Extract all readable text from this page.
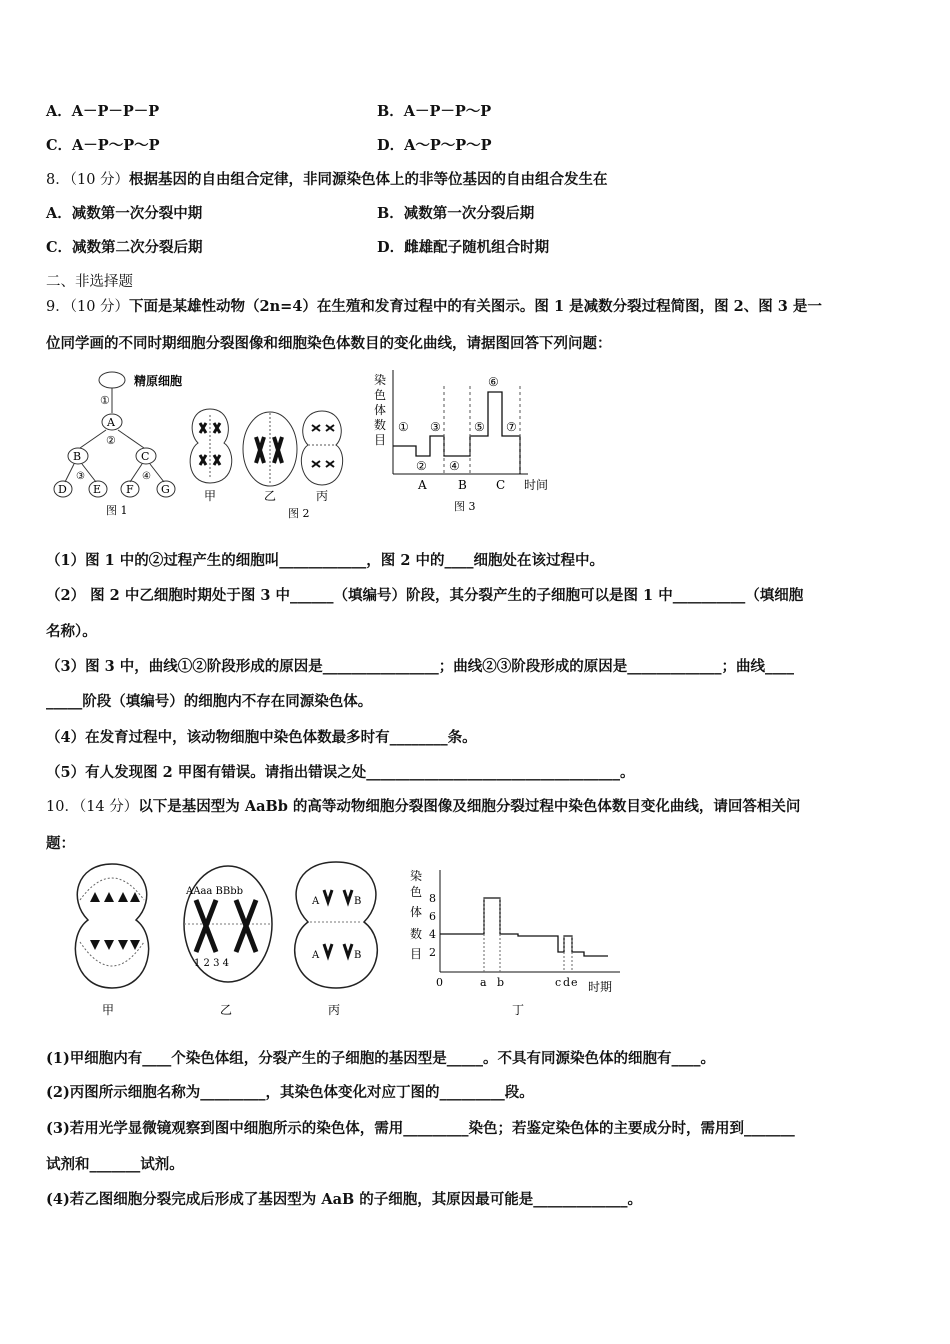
A．A－P－P－P	B．A－P－P～P
C．A－P～P～P	D．A～P～P～P
8．（10 分）根据基因的自由组合定律，非同源染色体上的非等位基因的自由组合发生在
A．减数第一次分裂中期	B．减数第一次分裂后期
C．减数第二次分裂后期	D．雌雄配子随机组合时期
二、非选择题
9．（10 分）下面是某雄性动物（2n=4）在生殖和发育过程中的有关图示。图 1 是减数分裂过程简图，图 2、图 3 是一
位同学画的不同时期细胞分裂图像和细胞染色体数目的变化曲线，请据图回答下列问题：
精原细胞
①
A
②
B	C
③	④
D E F G
图 1
甲	乙	丙
图 2
染
色
体
数
目
①
②
③
④
⑤
⑥
⑦
A	B C 时间
图 3
（1）图 1 中的②过程产生的细胞叫____________，图 2 中的____细胞处在该过程中。
（2） 图 2 中乙细胞时期处于图 3 中______（填编号）阶段，其分裂产生的子细胞可以是图 1 中__________（填细胞
名称）。
（3）图 3 中，曲线①②阶段形成的原因是________________；曲线②③阶段形成的原因是_____________；曲线____
_____阶段（填编号）的细胞内不存在同源染色体。
（4）在发育过程中，该动物细胞中染色体数最多时有________条。
（5）有人发现图 2 甲图有错误。请指出错误之处___________________________________。
10．（14 分）以下是基因型为 AaBb 的高等动物细胞分裂图像及细胞分裂过程中染色体数目变化曲线，请回答相关问
题：
甲
AAaa BBbb
1 2 3 4
乙
A	B
A	B
丙
染
色
体
数
目
8
6
4
2
0	a b	c d e 时期
丁
(1)甲细胞内有____个染色体组，分裂产生的子细胞的基因型是_____。不具有同源染色体的细胞有____。
(2)丙图所示细胞名称为_________，其染色体变化对应丁图的_________段。
(3)若用光学显微镜观察到图中细胞所示的染色体，需用_________染色；若鉴定染色体的主要成分时，需用到_______
试剂和_______试剂。
(4)若乙图细胞分裂完成后形成了基因型为 AaB 的子细胞，其原因最可能是_____________。
